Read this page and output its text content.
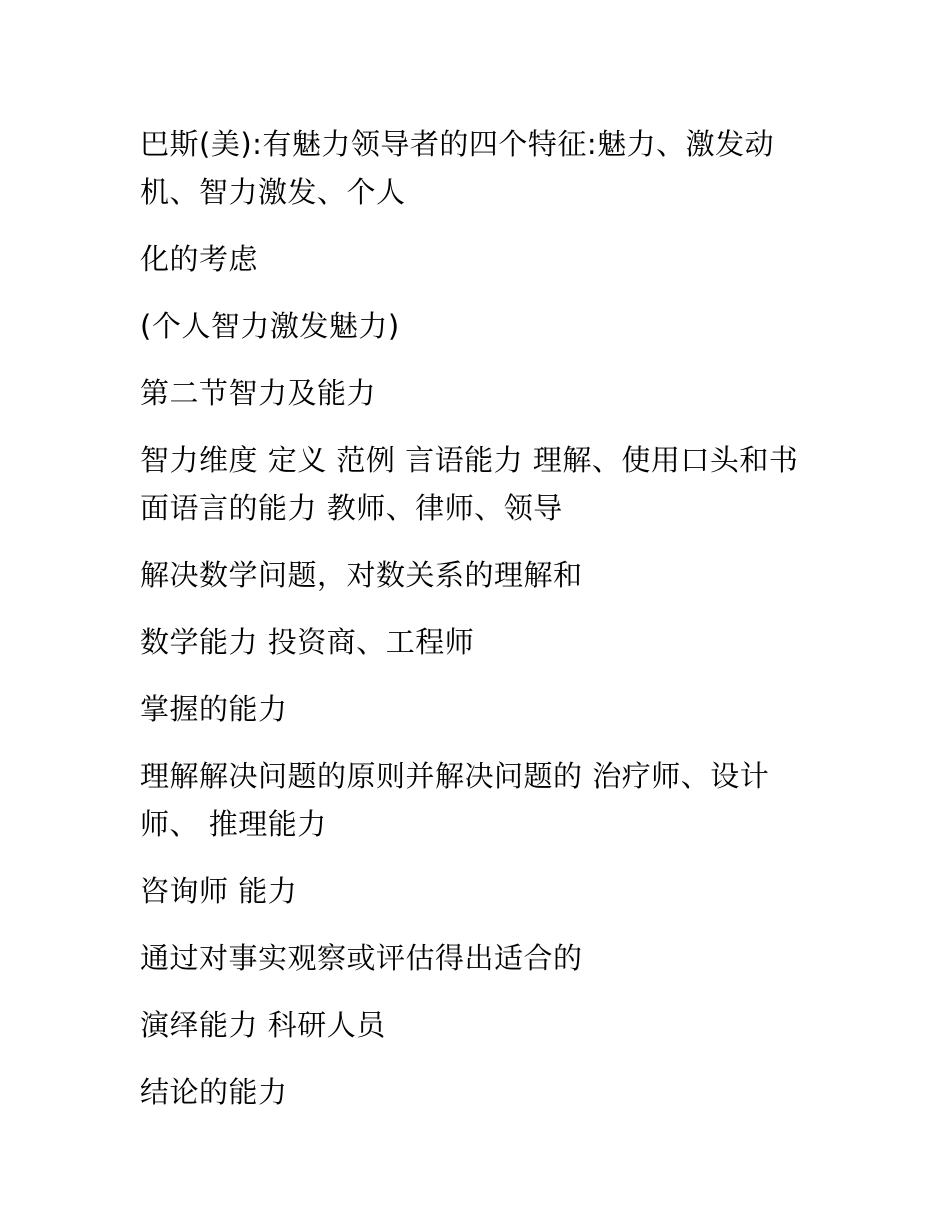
巴斯(美):有魅力领导者的四个特征:魅力、激发动机、智力激发、个人

化的考虑

(个人智力激发魅力)

第二节智力及能力

智力维度 定义 范例 言语能力 理解、使用口头和书面语言的能力 教师、律师、领导

解决数学问题，对数关系的理解和

数学能力 投资商、工程师

掌握的能力

理解解决问题的原则并解决问题的 治疗师、设计师、 推理能力

咨询师 能力

通过对事实观察或评估得出适合的

演绎能力 科研人员

结论的能力
